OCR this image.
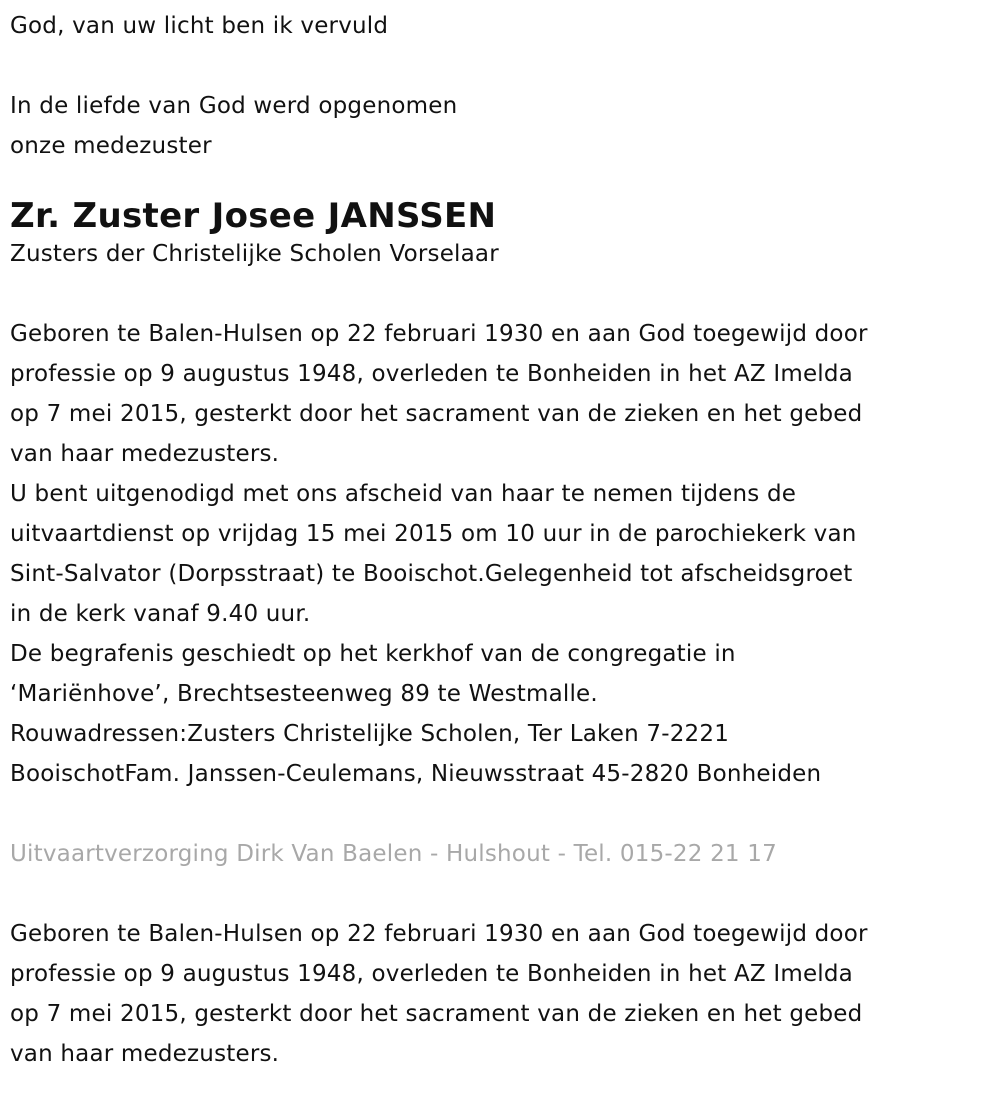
God, van uw licht ben ik vervuld
In de liefde van God werd opgenomen
onze medezuster
Zr. Zuster Josee JANSSEN
Zusters der Christelijke Scholen Vorselaar
Geboren te Balen-Hulsen op 22 februari 1930 en aan God toegewijd door
professie op 9 augustus 1948, overleden te Bonheiden in het AZ Imelda
op 7 mei 2015, gesterkt door het sacrament van de zieken en het gebed
van haar medezusters.
U bent uitgenodigd met ons afscheid van haar te nemen tijdens de
uitvaartdienst op vrijdag 15 mei 2015 om 10 uur in de parochiekerk van
Sint-Salvator (Dorpsstraat) te Booischot.Gelegenheid tot afscheidsgroet
in de kerk vanaf 9.40 uur.
De begrafenis geschiedt op het kerkhof van de congregatie in
‘Mariënhove’, Brechtsesteenweg 89 te Westmalle.
Rouwadressen:Zusters Christelijke Scholen, Ter Laken 7-2221
BooischotFam. Janssen-Ceulemans, Nieuwsstraat 45-2820 Bonheiden
Uitvaartverzorging Dirk Van Baelen - Hulshout - Tel. 015-22 21 17
Geboren te Balen-Hulsen op 22 februari 1930 en aan God toegewijd door
professie op 9 augustus 1948, overleden te Bonheiden in het AZ Imelda
op 7 mei 2015, gesterkt door het sacrament van de zieken en het gebed
van haar medezusters.
